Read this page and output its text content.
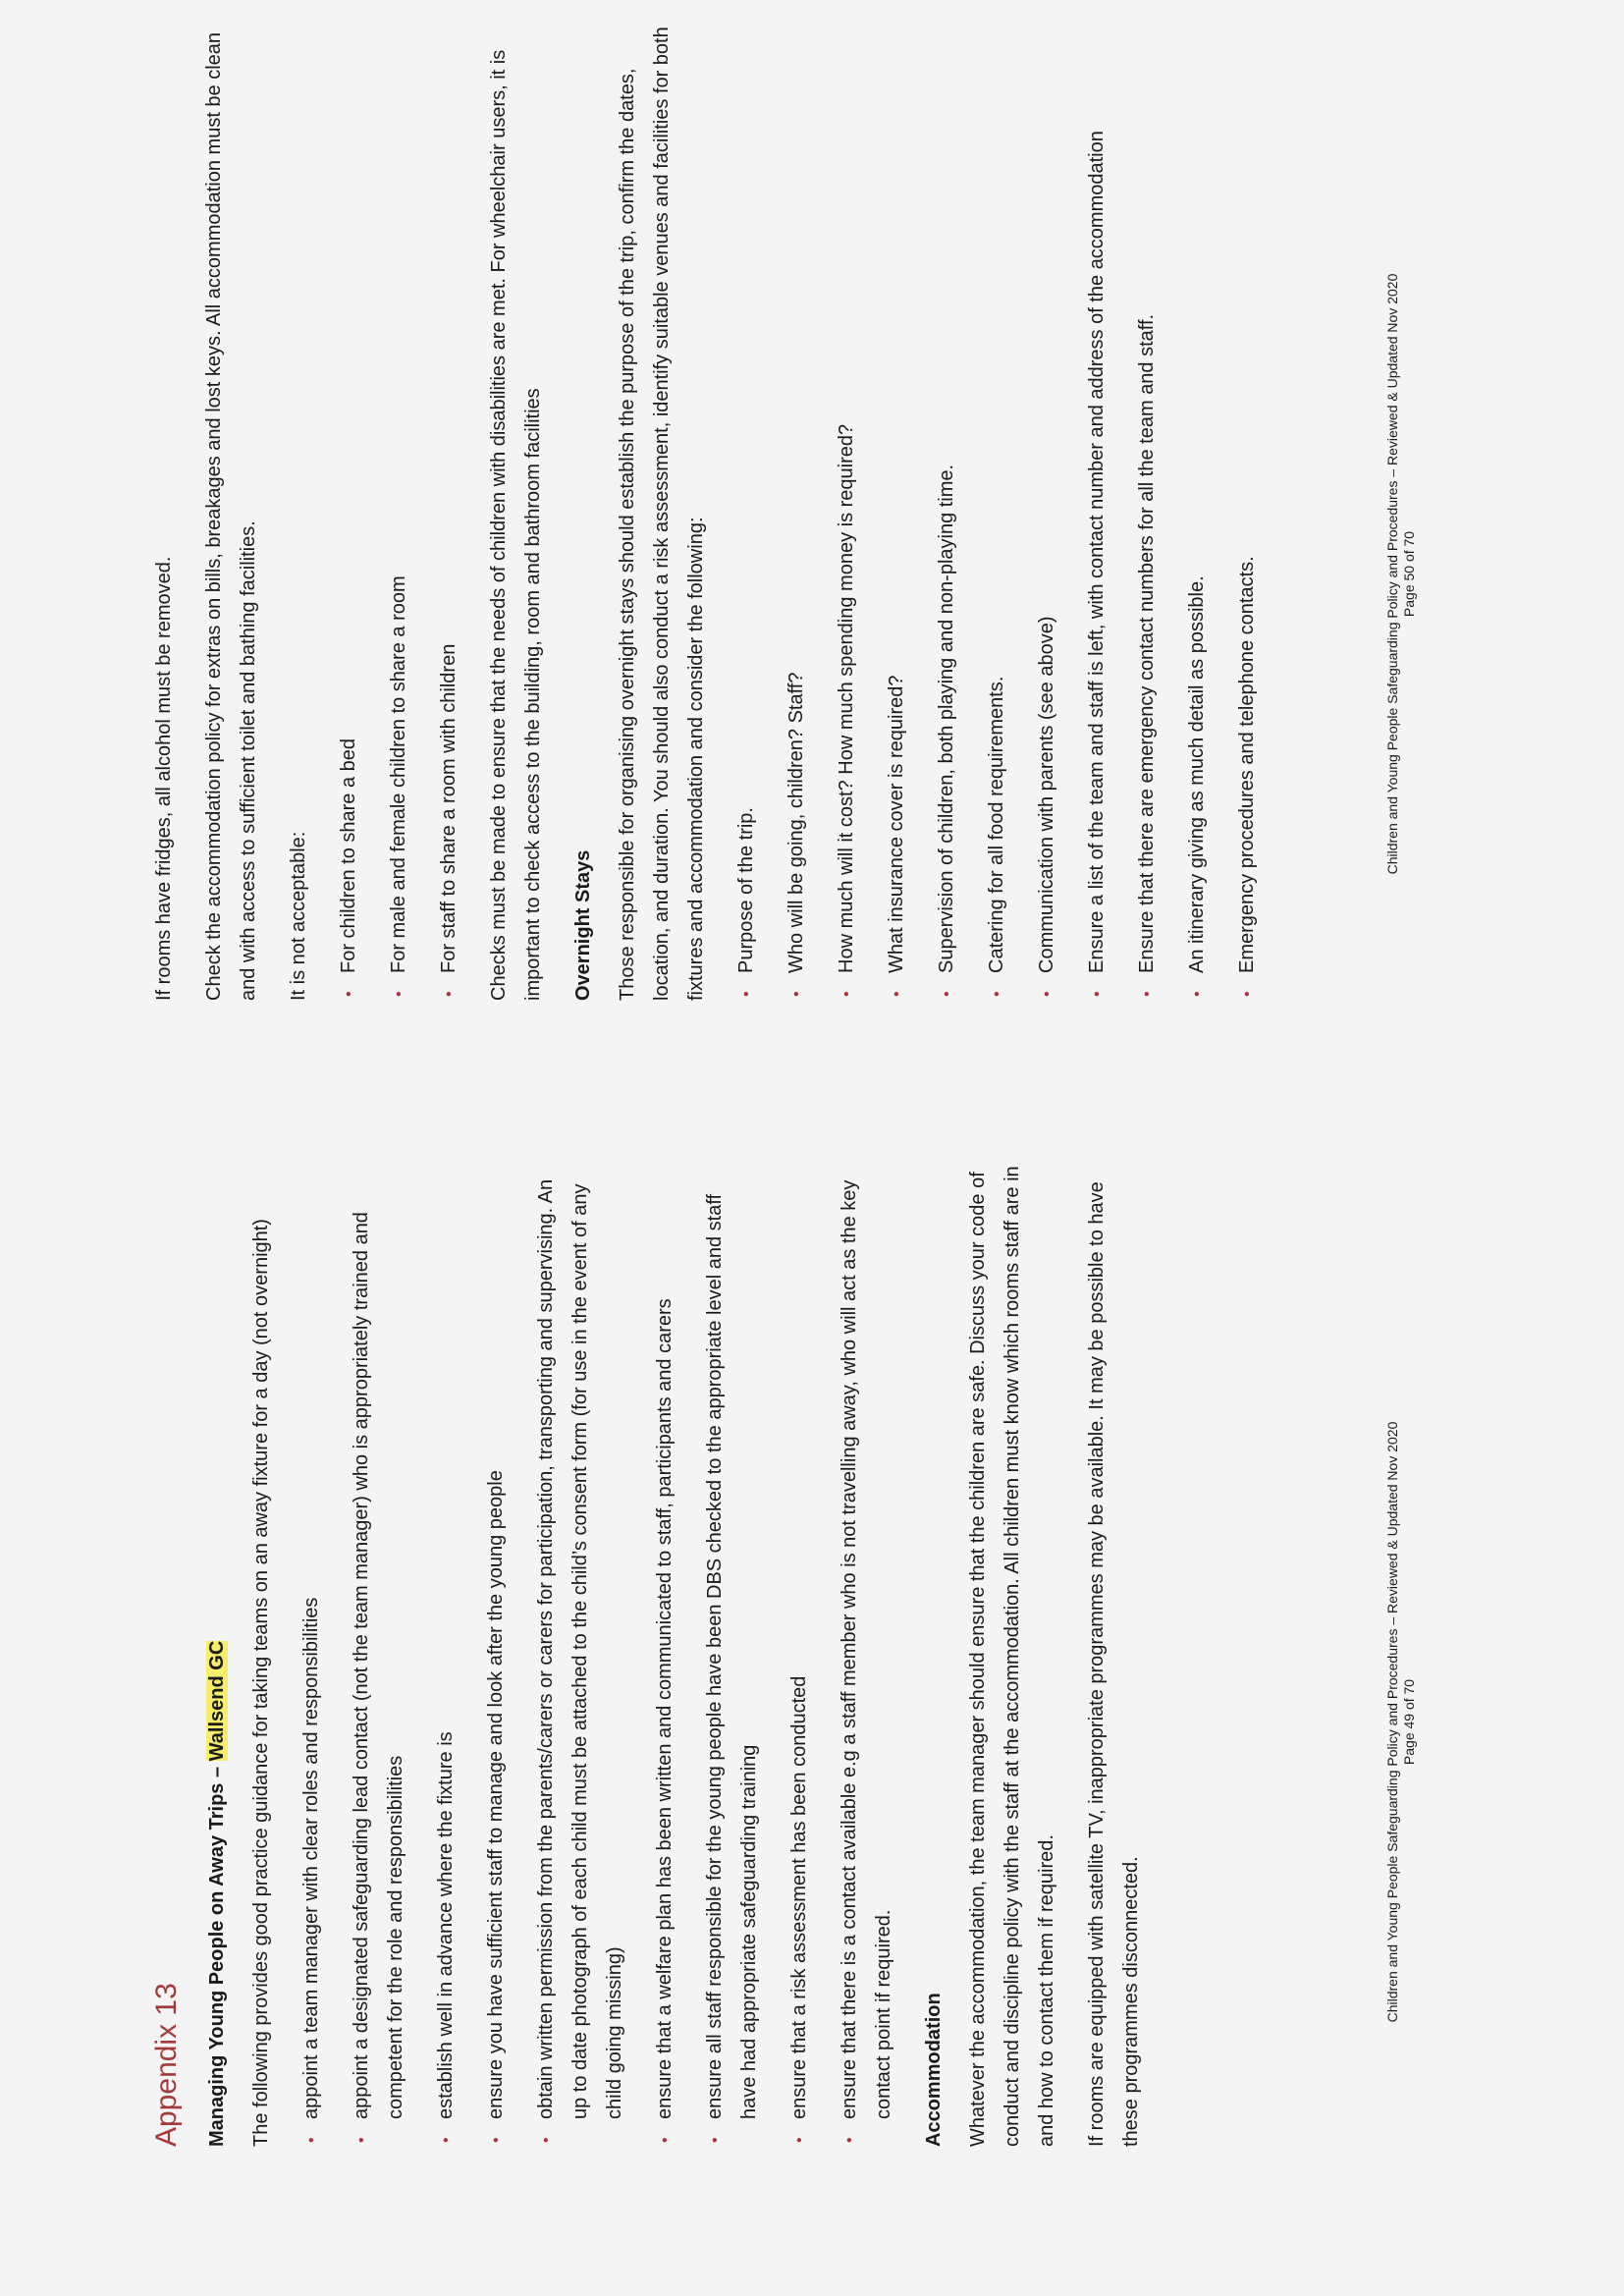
Appendix 13	Managing Young People on Away Trips – Wallsend GC	The following provides good practice guidance for taking teams on an away fixture for a day (not overnight)	•
appoint a team manager with clear roles and responsibilities
•
appoint a designated safeguarding lead contact (not the team manager) who is appropriately trained and competent for the role and responsibilities
•
establish well in advance where the fixture is
•
ensure you have sufficient staff to manage and look after the young people
•
obtain written permission from the parents/carers or carers for participation, transporting and supervising. An up to date photograph of each child must be attached to the child’s consent form (for use in the event of any child going missing)
•
ensure that a welfare plan has been written and communicated to staff, participants and carers
•
ensure all staff responsible for the young people have been DBS checked to the appropriate level and staff have had appropriate safeguarding training
•
ensure that a risk assessment has been conducted
•
ensure that there is a contact available e.g a staff member who is not travelling away, who will act as the key contact point if required.	Accommodation	Whatever the accommodation, the team manager should ensure that the children are safe. Discuss your code of conduct and discipline policy with the staff at the accommodation. All children must know which rooms staff are in and how to contact them if required.	If rooms are equipped with satellite TV, inappropriate programmes may be available. It may be possible to have these programmes disconnected.	Children and Young People Safeguarding Policy and Procedures – Reviewed & Updated Nov 2020 Page 49 of 70

If rooms have fridges, all alcohol must be removed.	Check the accommodation policy for extras on bills, breakages and lost keys. All accommodation must be clean and with access to sufficient toilet and bathing facilities.	It is not acceptable:	•
For children to share a bed
•
For male and female children to share a room
•
For staff to share a room with children	Checks must be made to ensure that the needs of children with disabilities are met. For wheelchair users, it is important to check access to the building, room and bathroom facilities	Overnight Stays	Those responsible for organising overnight stays should establish the purpose of the trip, confirm the dates, location, and duration. You should also conduct a risk assessment, identify suitable venues and facilities for both fixtures and accommodation and consider the following:	•
Purpose of the trip.
•
Who will be going, children? Staff?
•
How much will it cost? How much spending money is required?
•
What insurance cover is required?
•
Supervision of children, both playing and non-playing time.
•
Catering for all food requirements.
•
Communication with parents (see above)
•
Ensure a list of the team and staff is left, with contact number and address of the accommodation
•
Ensure that there are emergency contact numbers for all the team and staff.
•
An itinerary giving as much detail as possible.
•
Emergency procedures and telephone contacts.	Children and Young People Safeguarding Policy and Procedures – Reviewed & Updated Nov 2020 Page 50 of 70
